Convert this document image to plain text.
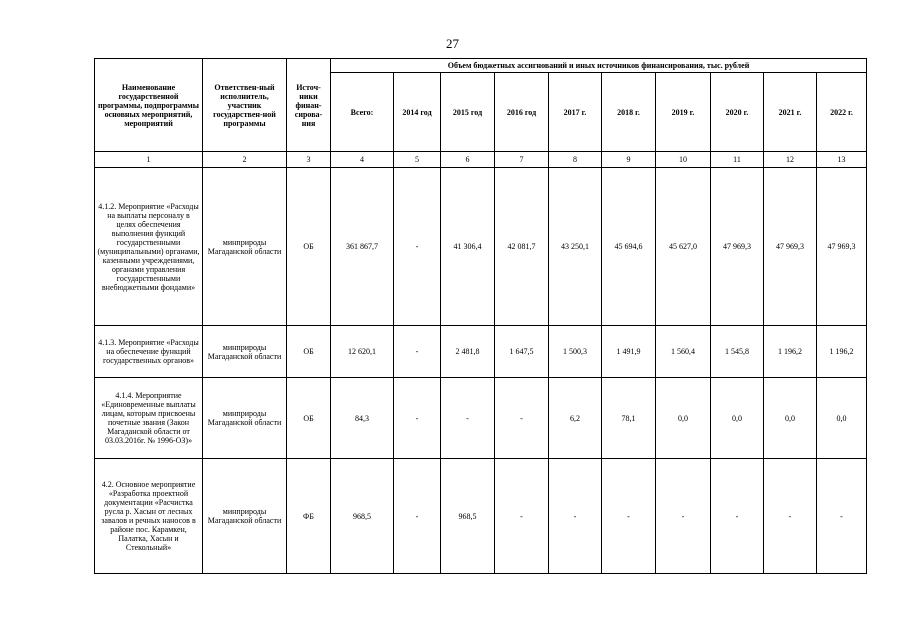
27
Наименование государственной программы, подпрограммы основных мероприятий, мероприятий	Ответствен-ный исполнитель, участник государствен-ной программы	Источ-ники финан-сирова-ния	Объем бюджетных ассигнований и иных источников финансирования, тыс. рублей									
			Всего:	2014 год	2015 год	2016 год	2017 г.	2018 г.	2019 г.	2020 г.	2021 г.	2022 г.
1	2	3	4	5	6	7	8	9	10	11	12	13
4.1.2. Мероприятие «Расходы на выплаты персоналу в целях обеспечения выполнения функций государственными (муниципальными) органами, казенными учреждениями, органами управления государственными внебюджетными фондами»	минприроды Магаданской области	ОБ	361 867,7	-	41 306,4	42 081,7	43 250,1	45 694,6	45 627,0	47 969,3	47 969,3	47 969,3
4.1.3. Мероприятие «Расходы на обеспечение функций государственных органов»	минприроды Магаданской области	ОБ	12 620,1	-	2 481,8	1 647,5	1 500,3	1 491,9	1 560,4	1 545,8	1 196,2	1 196,2
4.1.4. Мероприятие «Единовременные выплаты лицам, которым присвоены почетные звания (Закон Магаданской области от 03.03.2016г. № 1996-ОЗ)»	минприроды Магаданской области	ОБ	84,3	-	-	-	6,2	78,1	0,0	0,0	0,0	0,0
4.2. Основное мероприятие «Разработка проектной документации «Расчистка русла р. Хасын от лесных завалов и речных наносов в районе пос. Карамкен, Палатка, Хасын и Стекольный»	минприроды Магаданской области	ФБ	968,5	-	968,5	-	-	-	-	-	-	-
